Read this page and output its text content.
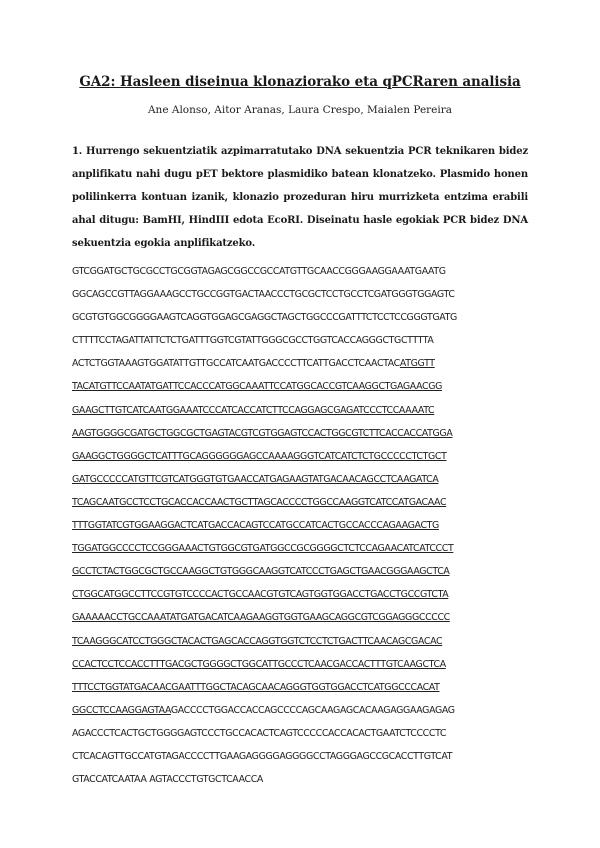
GA2: Hasleen diseinua klonaziorako eta qPCRaren analisia
Ane Alonso, Aitor Aranas, Laura Crespo, Maialen Pereira
1. Hurrengo sekuentziatik azpimarratutako DNA sekuentzia PCR teknikaren bidez anplifikatu nahi dugu pET bektore plasmidiko batean klonatzeko. Plasmido honen polilinkerra kontuan izanik, klonazio prozeduran hiru murrizketa entzima erabili ahal ditugu: BamHI, HindIII edota EcoRI. Diseinatu hasle egokiak PCR bidez DNA sekuentzia egokia anplifikatzeko.
GTCGGATGCTGCGCCTGCGGTAGAGCGGCCGCCATGTTGCAACCGGGAAGGAAATGAATG
GGCAGCCGTTAGGAAAGCCTGCCGGTGACTAACCCTGCGCTCCTGCCTCGATGGGTGGAGTC
GCGTGTGGCGGGGAAGTCAGGTGGAGCGAGGCTAGCTGGCCCGATTTCTCCTCCGGGTGATG
CTTTTCCTAGATTATTCTCTGATTTGGTCGTATTGGGCGCCTGGTCACCAGGGCTGCTTTTA
ACTCTGGTAAAGTGGATATTGTTGCCATCAATGACCCCTTCATTGACCTCAACTACATGGTT
TACATGTTCCAATATGATTCCACCCATGGCAAATTCCATGGCACCGTCAAGGCTGAGAACGG
GAAGCTTGTCATCAATGGAAATCCCATCACCATCTTCCAGGAGCGAGATCCCTCCAAAATC
AAGTGGGGCGATGCTGGCGCTGAGTACGTCGTGGAGTCCACTGGCGTCTTCACCACCATGGA
GAAGGCTGGGGCTCATTTGCAGGGGGGAGCCAAAAGGGTCATCATCTCTGCCCCCTCTGCT
GATGCCCCCATGTTCGTCATGGGTGTGAACCATGAGAAGTATGACAACAGCCTCAAGATCA
TCAGCAATGCCTCCTGCACCACCAACTGCTTAGCACCCCTGGCCAAGGTCATCCATGACAAC
TTTGGTATCGTGGAAGGACTCATGACCACAGTCCATGCCATCACTGCCACCCAGAAGACTG
TGGATGGCCCCTCCGGGAAACTGTGGCGTGATGGCCGCGGGGCTCTCCAGAACATCATCCCT
GCCTCTACTGGCGCTGCCAAGGCTGTGGGCAAGGTCATCCCTGAGCTGAACGGGAAGCTCA
CTGGCATGGCCTTCCGTGTCCCCACTGCCAACGTGTCAGTGGTGGACCTGACCTGCCGTCTA
GAAAAACCTGCCAAATATGATGACATCAAGAAGGTGGTGAAGCAGGCGTCGGAGGGCCCCC
TCAAGGGCATCCTGGGCTACACTGAGCACCAGGTGGTCTCCTCTGACTTCAACAGCGACAC
CCACTCCTCCACCTTTGACGCTGGGGCTGGCATTGCCCTCAACGACCACTTTGTCAAGCTCA
TTTCCTGGTATGACAACGAATTTGGCTACAGCAACAGGGTGGTGGACCTCATGGCCCACAT
GGCCTCCAAGGAGTAAGACCCCTGGACCACCAGCCCCAGCAAGAGCACAAGAGGAAGAGAG
AGACCCTCACTGCTGGGGAGTCCCTGCCACACTCAGTCCCCCACCACACTGAATCTCCCCTC
CTCACAGTTGCCATGTAGACCCCTTGAAGAGGGGAGGGGCCTAGGGAGCCGCACCTTGTCAT
GTACCATCAATAA AGTACCCTGTGCTCAACCA
